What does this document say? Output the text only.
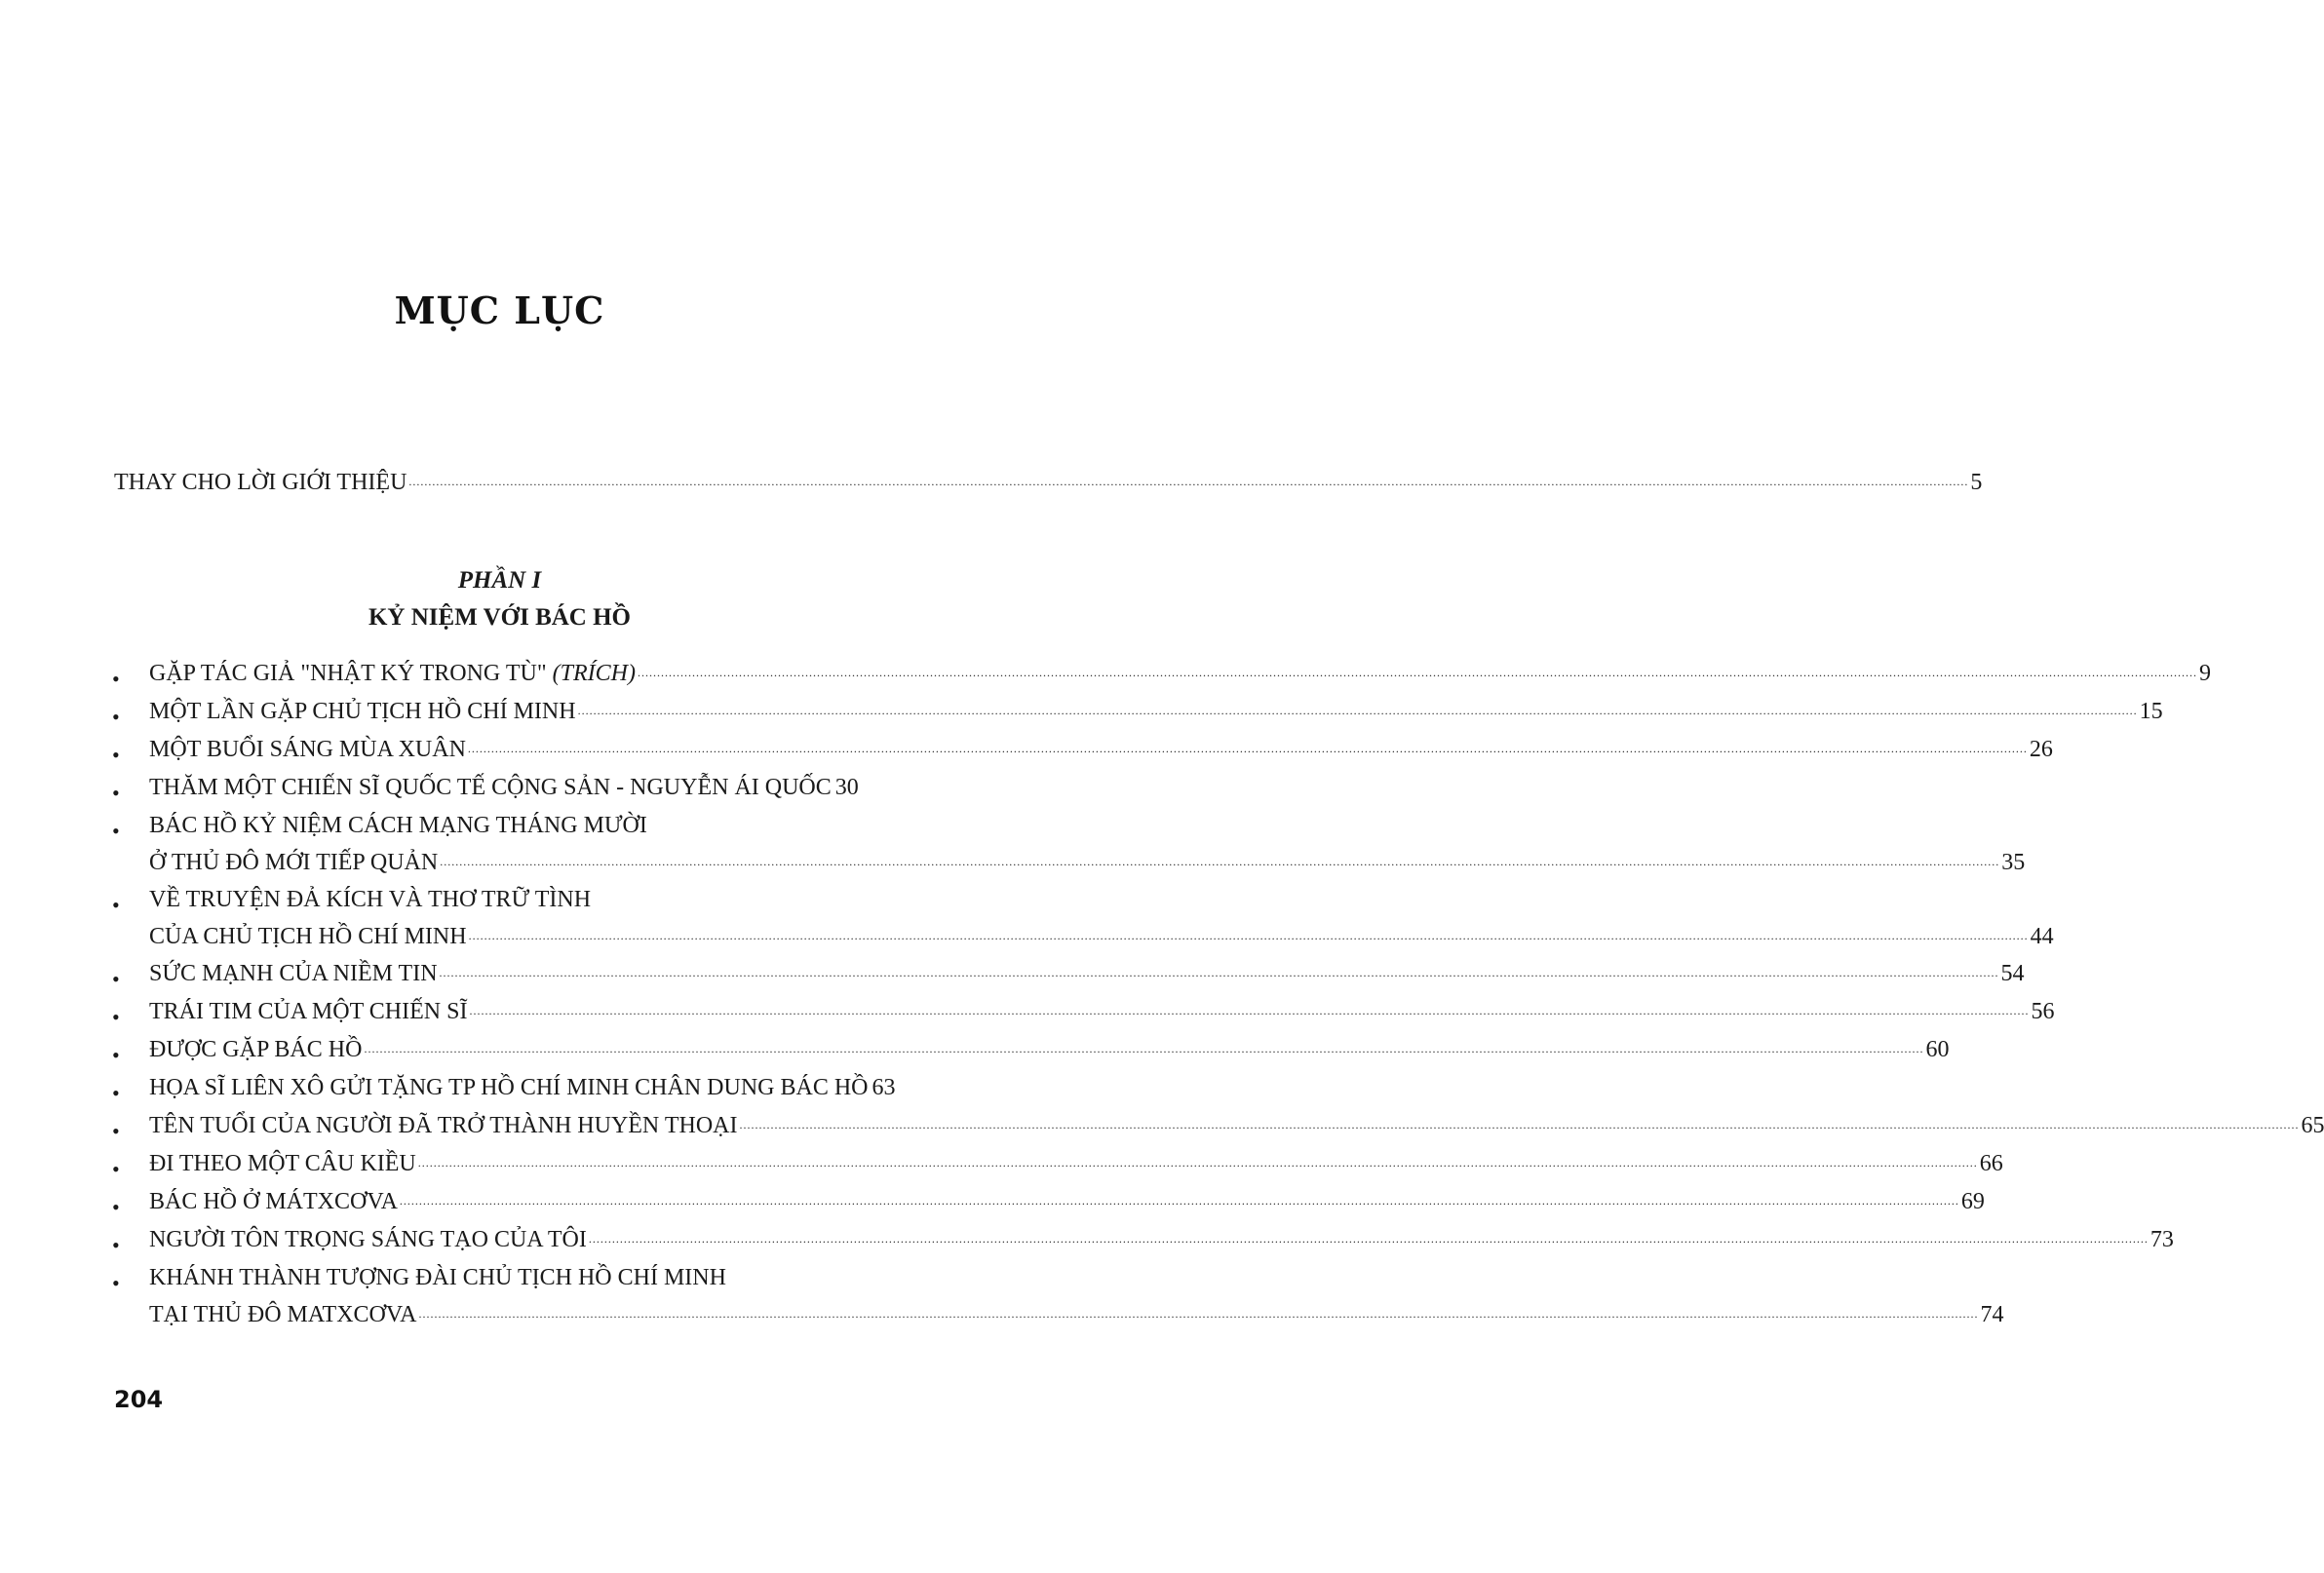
MỤC LỤC
THAY CHO LỜI GIỚI THIỆU ................................................................................................................................................................................................................................................................................................................................................................................................................ 5
PHẦN I
KỶ NIỆM VỚI BÁC HỒ
• GẶP TÁC GIẢ "NHẬT KÝ TRONG TÙ" (TRÍCH) ................................................................................................................................................................................................................................................................................................................................................................................................................ 9
• MỘT LẦN GẶP CHỦ TỊCH HỒ CHÍ MINH ................................................................................................................................................................................................................................................................................................................................................................................................................ 15
• MỘT BUỔI SÁNG MÙA XUÂN ................................................................................................................................................................................................................................................................................................................................................................................................................ 26
• THĂM MỘT CHIẾN SĨ QUỐC TẾ CỘNG SẢN - NGUYỄN ÁI QUỐC 30
• BÁC HỒ KỶ NIỆM CÁCH MẠNG THÁNG MƯỜI
Ở THỦ ĐÔ MỚI TIẾP QUẢN ................................................................................................................................................................................................................................................................................................................................................................................................................ 35
• VỀ TRUYỆN ĐẢ KÍCH VÀ THƠ TRỮ TÌNH
CỦA CHỦ TỊCH HỒ CHÍ MINH ................................................................................................................................................................................................................................................................................................................................................................................................................ 44
• SỨC MẠNH CỦA NIỀM TIN ................................................................................................................................................................................................................................................................................................................................................................................................................ 54
• TRÁI TIM CỦA MỘT CHIẾN SĨ ................................................................................................................................................................................................................................................................................................................................................................................................................ 56
• ĐƯỢC GẶP BÁC HỒ ................................................................................................................................................................................................................................................................................................................................................................................................................ 60
• HỌA SĨ LIÊN XÔ GỬI TẶNG TP HỒ CHÍ MINH CHÂN DUNG BÁC HỒ 63
• TÊN TUỔI CỦA NGƯỜI ĐÃ TRỞ THÀNH HUYỀN THOẠI ................................................................................................................................................................................................................................................................................................................................................................................................................ 65
• ĐI THEO MỘT CÂU KIỀU ................................................................................................................................................................................................................................................................................................................................................................................................................ 66
• BÁC HỒ Ở MÁTXCƠVA ................................................................................................................................................................................................................................................................................................................................................................................................................ 69
• NGƯỜI TÔN TRỌNG SÁNG TẠO CỦA TÔI ................................................................................................................................................................................................................................................................................................................................................................................................................ 73
• KHÁNH THÀNH TƯỢNG ĐÀI CHỦ TỊCH HỒ CHÍ MINH
TẠI THỦ ĐÔ MATXCƠVA ................................................................................................................................................................................................................................................................................................................................................................................................................ 74
204
